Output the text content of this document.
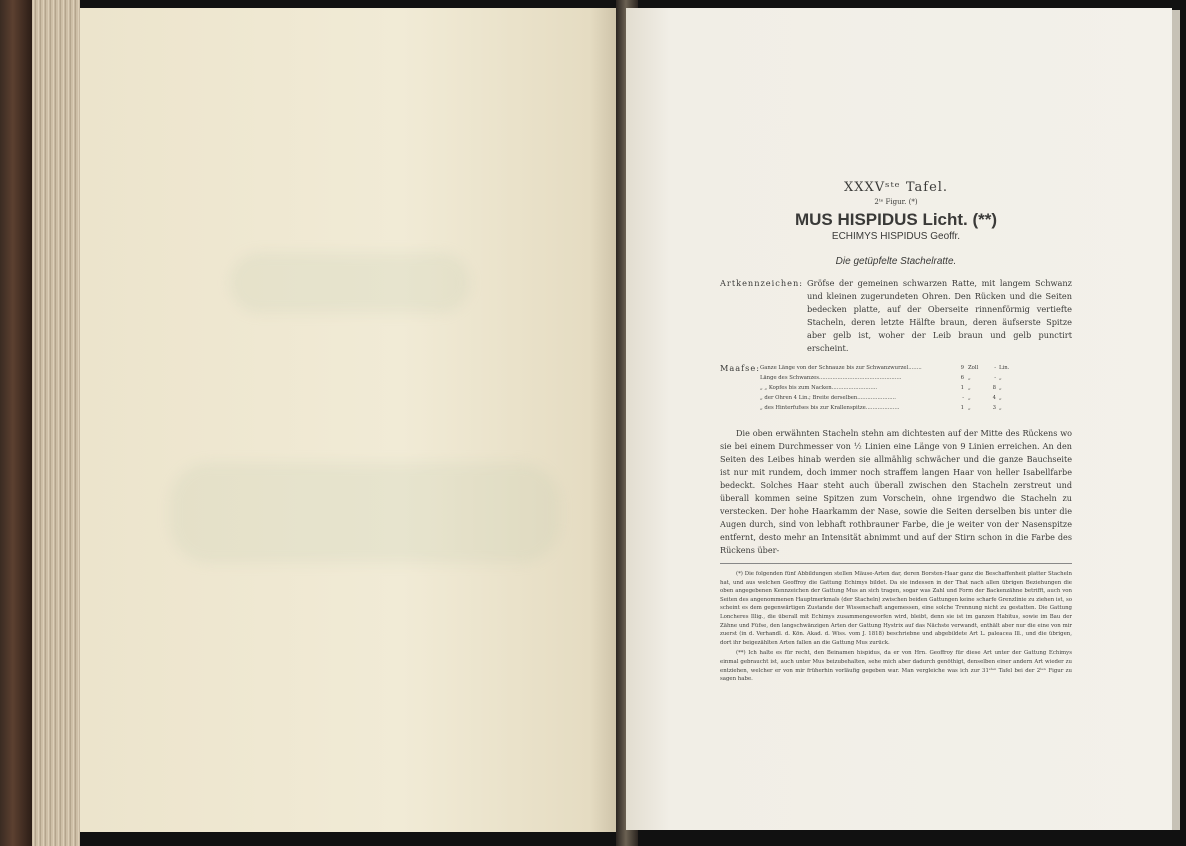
XXXVˢᵗᵉ Tafel.
2ᵗᵉ Figur. (*)
MUS HISPIDUS Licht. (**)
ECHIMYS HISPIDUS Geoffr.
Die getüpfelte Stachelratte.
Artkennzeichen: Gröfse der gemeinen schwarzen Ratte, mit langem Schwanz und kleinen zugerundeten Ohren. Den Rücken und die Seiten bedecken platte, auf der Oberseite rinnenförmig vertiefte Stacheln, deren letzte Hälfte braun, deren äufserste Spitze aber gelb ist, woher der Leib braun und gelb punctirt erscheint.
Maafse: Ganze Länge von der Schnauze bis zur Schwanzwurzel........	9 Zoll	- Lin.
Länge des Schwanzes.................................................	6 „	- „
„ „ Kopfes bis zum Nacken...........................	1 „	8 „
„ der Ohren 4 Lin.; Breite derselben.......................	- „	4 „
„ des Hinterfufses bis zur Krallenspitze....................	1 „	3 „
Die oben erwähnten Stacheln stehn am dichtesten auf der Mitte des Rückens wo sie bei einem Durchmesser von ½ Linien eine Länge von 9 Linien erreichen. An den Seiten des Leibes hinab werden sie allmählig schwächer und die ganze Bauchseite ist nur mit rundem, doch immer noch straffem langen Haar von heller Isabellfarbe bedeckt. Solches Haar steht auch überall zwischen den Stacheln zerstreut und überall kommen seine Spitzen zum Vorschein, ohne irgendwo die Stacheln zu verstecken. Der hohe Haarkamm der Nase, sowie die Seiten derselben bis unter die Augen durch, sind von lebhaft rothbrauner Farbe, die je weiter von der Nasenspitze entfernt, desto mehr an Intensität abnimmt und auf der Stirn schon in die Farbe des Rückens über-
(*) Die folgenden fünf Abbildungen stellen Mäuse-Arten dar, deren Borsten-Haar ganz die Beschaffenheit platter Stacheln hat, und aus welchen Geoffroy die Gattung Echimys bildet. Da sie indessen in der That nach allen übrigen Beziehungen die oben angegebenen Kennzeichen der Gattung Mus an sich tragen, sogar was Zahl und Form der Backenzähne betrifft, auch von Seiten des angenommenen Hauptmerkmals (der Stacheln) zwischen beiden Gattungen keine scharfe Grenzlinie zu ziehen ist, so scheint es dem gegenwärtigen Zustande der Wissenschaft angemessen, eine solche Trennung nicht zu gestatten. Die Gattung Loncheres Illig., die überall mit Echimys zusammengeworfen wird, bleibt, denn sie ist im ganzen Habitus, sowie im Bau der Zähne und Füfse, den langschwänzigen Arten der Gattung Hystrix auf das Nächste verwandt, enthält aber nur die eine von mir zuerst (in d. Verhandl. d. Kön. Akad. d. Wiss. vom J. 1818) beschriebne und abgebildete Art L. paleacea Ill., und die übrigen, dort ihr beigezählten Arten fallen an die Gattung Mus zurück.
(**) Ich halte es für recht, den Beinamen hispidus, da er von Hrn. Geoffroy für diese Art unter der Gattung Echimys einmal gebraucht ist, auch unter Mus beizubehalten, sehe mich aber dadurch genöthigt, denselben einer andern Art wieder zu entziehen, welcher er von mir früherhin vorläufig gegeben war. Man vergleiche was ich zur 31ˢᵗᵉⁿ Tafel bei der 2ᵗᵉⁿ Figur zu sagen habe.
